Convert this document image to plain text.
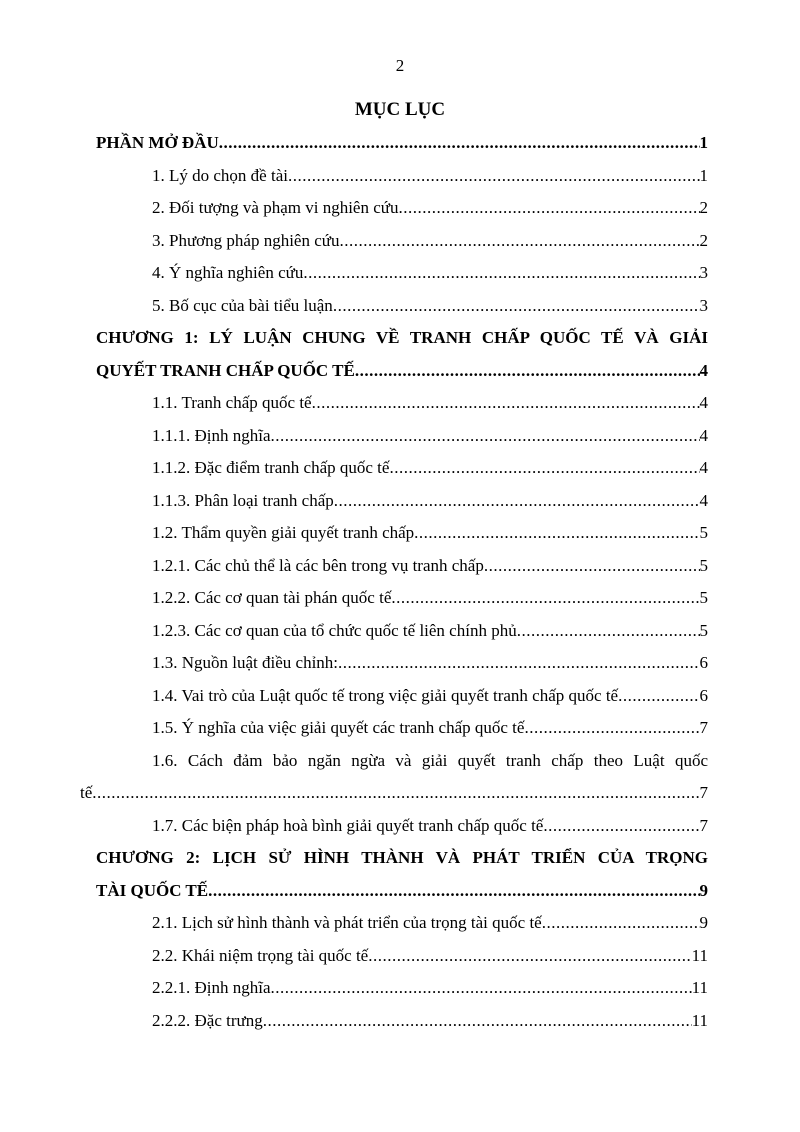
2
MỤC LỤC
PHẦN MỞ ĐẦU .....	1
1. Lý do chọn đề tài .....	1
2. Đối tượng và phạm vi nghiên cứu .....	2
3. Phương pháp nghiên cứu .....	2
4. Ý nghĩa nghiên cứu .....	3
5. Bố cục của bài tiểu luận .....	3
CHƯƠNG 1: LÝ LUẬN CHUNG VỀ TRANH CHẤP QUỐC TẾ VÀ GIẢI
QUYẾT TRANH CHẤP QUỐC TẾ .....	4
1.1. Tranh chấp quốc tế .....	4
1.1.1. Định nghĩa .....	4
1.1.2. Đặc điểm tranh chấp quốc tế .....	4
1.1.3. Phân loại tranh chấp .....	4
1.2. Thẩm quyền giải quyết tranh chấp .....	5
1.2.1. Các chủ thể là các bên trong vụ tranh chấp .....	5
1.2.2. Các cơ quan tài phán quốc tế .....	5
1.2.3. Các cơ quan của tổ chức quốc tế liên chính phủ .....	5
1.3. Nguồn luật điều chỉnh: .....	6
1.4. Vai trò của Luật quốc tế trong việc giải quyết tranh chấp quốc tế .....	6
1.5. Ý nghĩa của việc giải quyết các tranh chấp quốc tế .....	7
1.6. Cách đảm bảo ngăn ngừa và giải quyết tranh chấp theo Luật quốc
tế .....	7
1.7. Các biện pháp hoà bình giải quyết tranh chấp quốc tế .....	7
CHƯƠNG 2: LỊCH SỬ HÌNH THÀNH VÀ PHÁT TRIỂN CỦA TRỌNG
TÀI QUỐC TẾ .....	9
2.1. Lịch sử hình thành và phát triển của trọng tài quốc tế .....	9
2.2. Khái niệm trọng tài quốc tế .....	11
2.2.1. Định nghĩa .....	11
2.2.2. Đặc trưng .....	11
